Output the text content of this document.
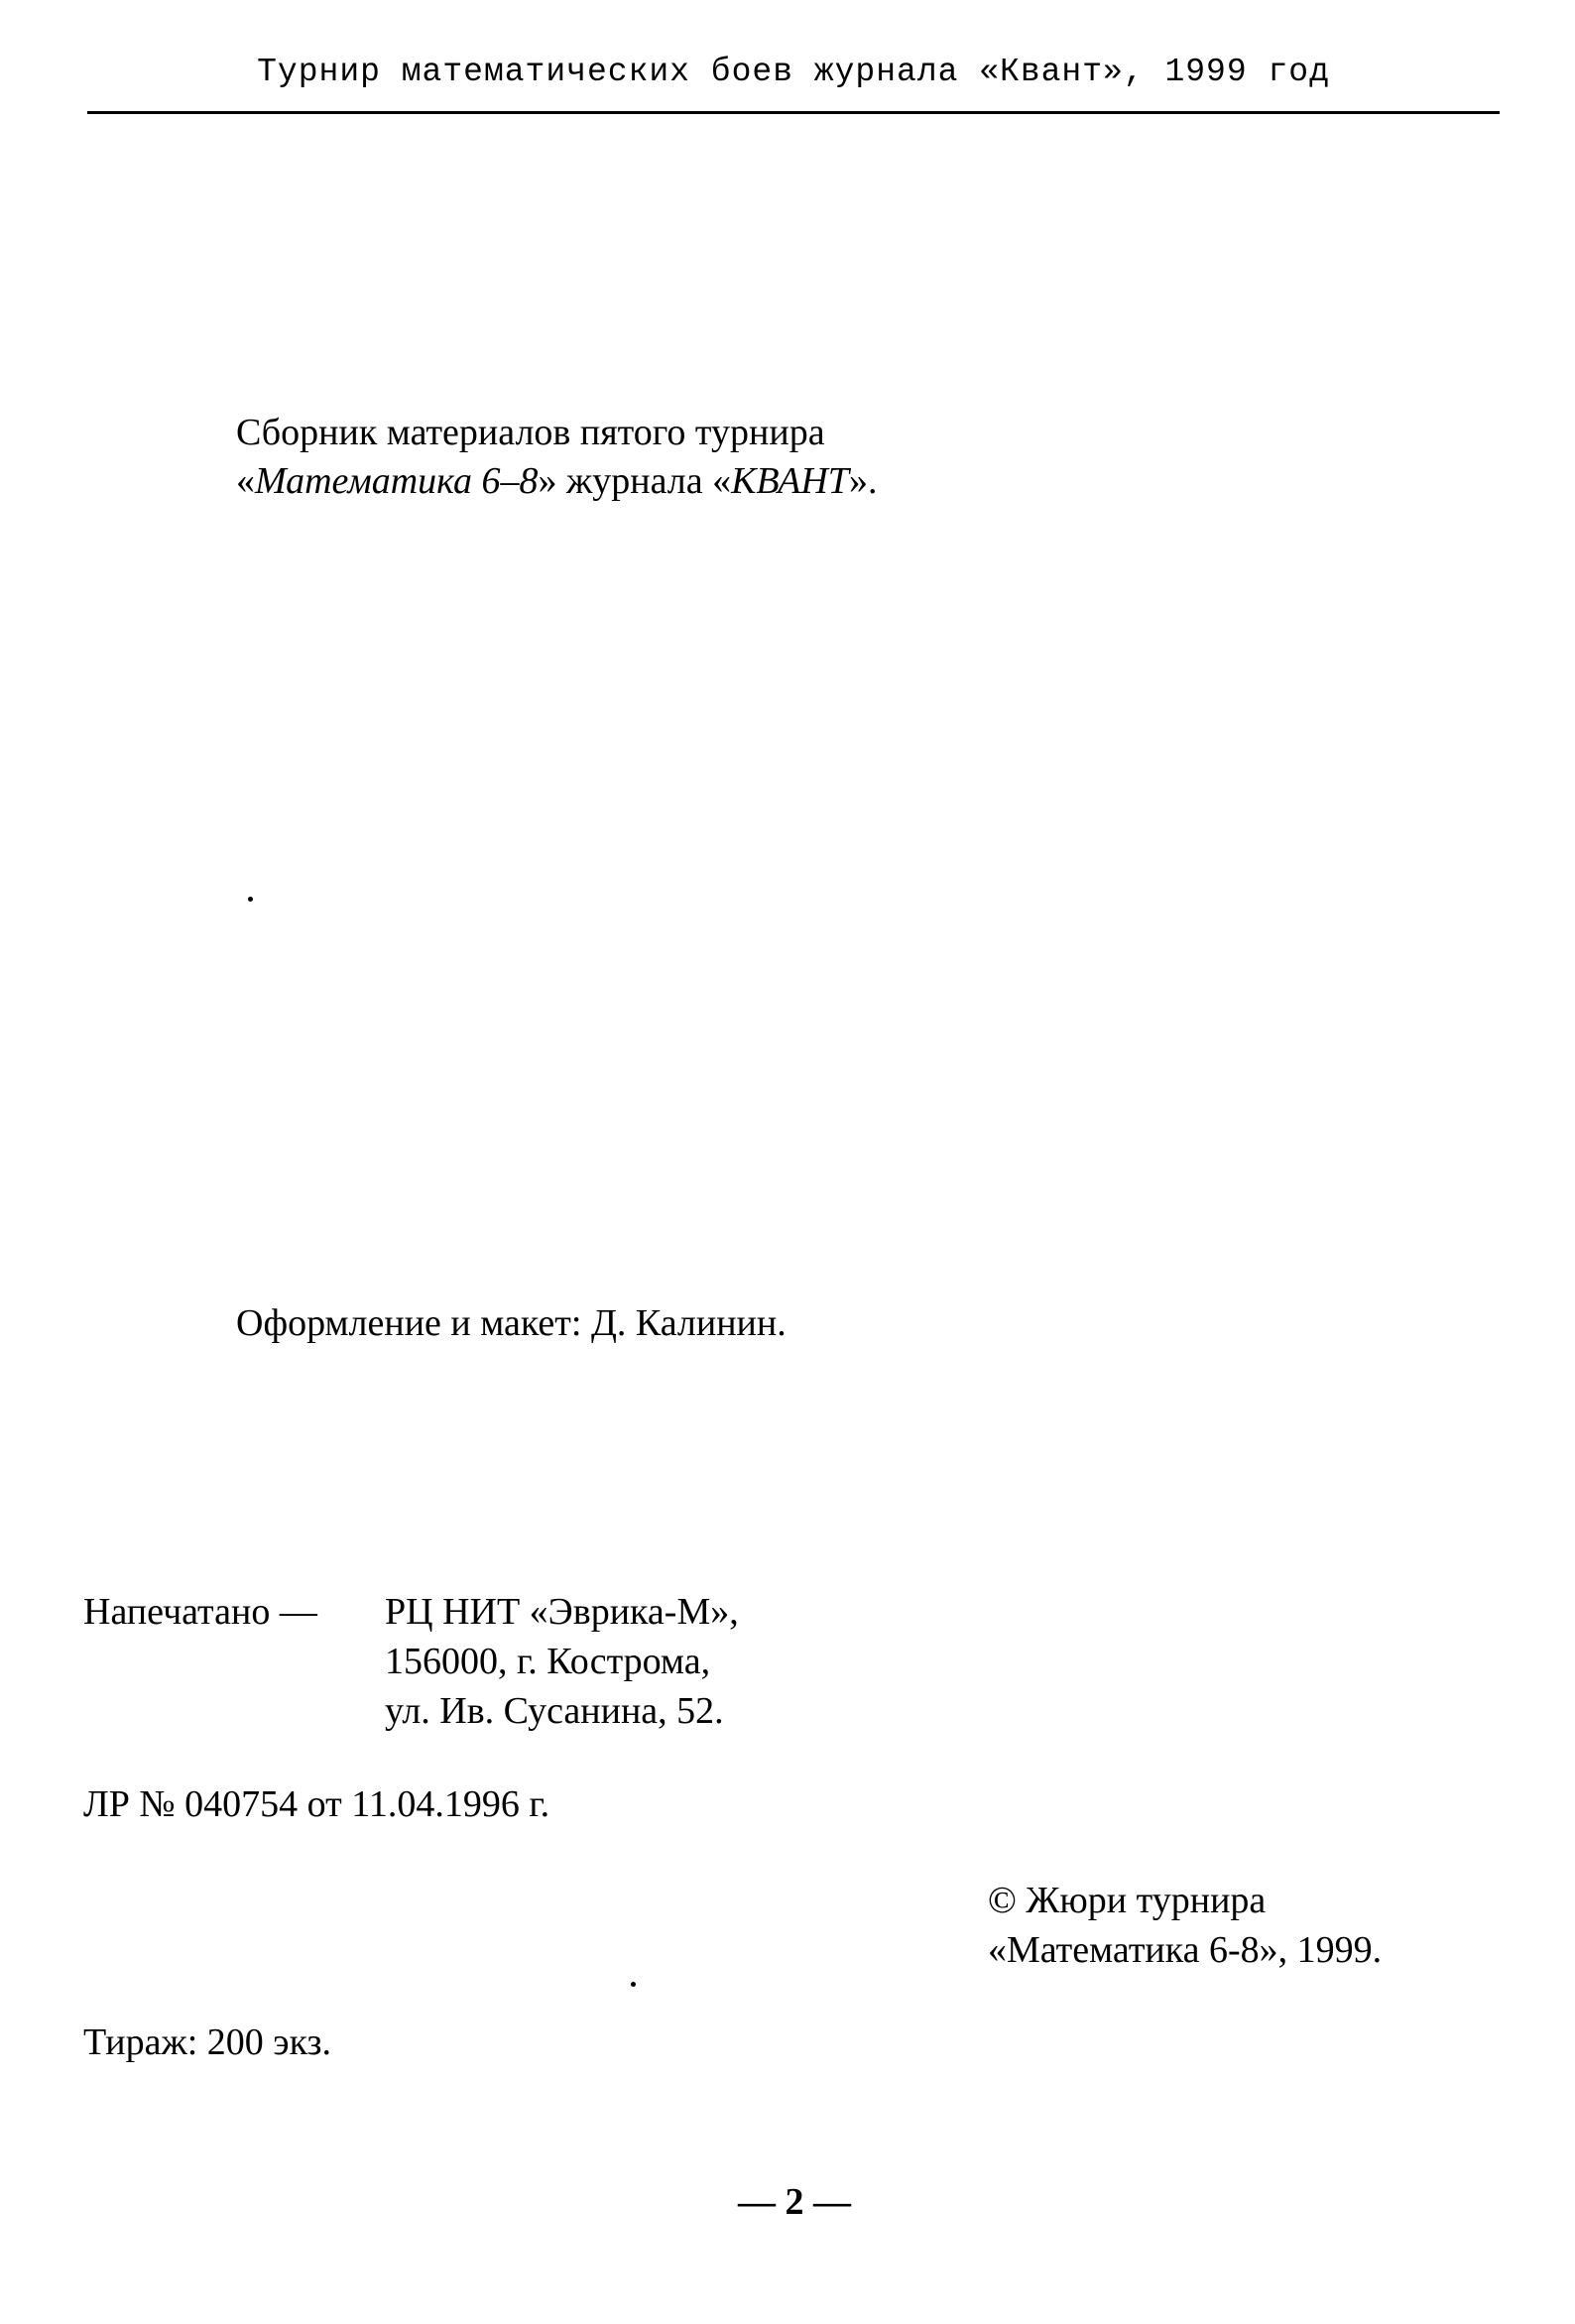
Турнир математических боев журнала «Квант», 1999 год
Сборник материалов пятого турнира
«Математика 6–8» журнала «КВАНТ».
Оформление и макет: Д. Калинин.
Напечатано — РЦ НИТ «Эврика-М»,
156000, г. Кострома,
ул. Ив. Сусанина, 52.
ЛР № 040754 от 11.04.1996 г.
© Жюри турнира
«Математика 6-8», 1999.
Тираж: 200 экз.
— 2 —
